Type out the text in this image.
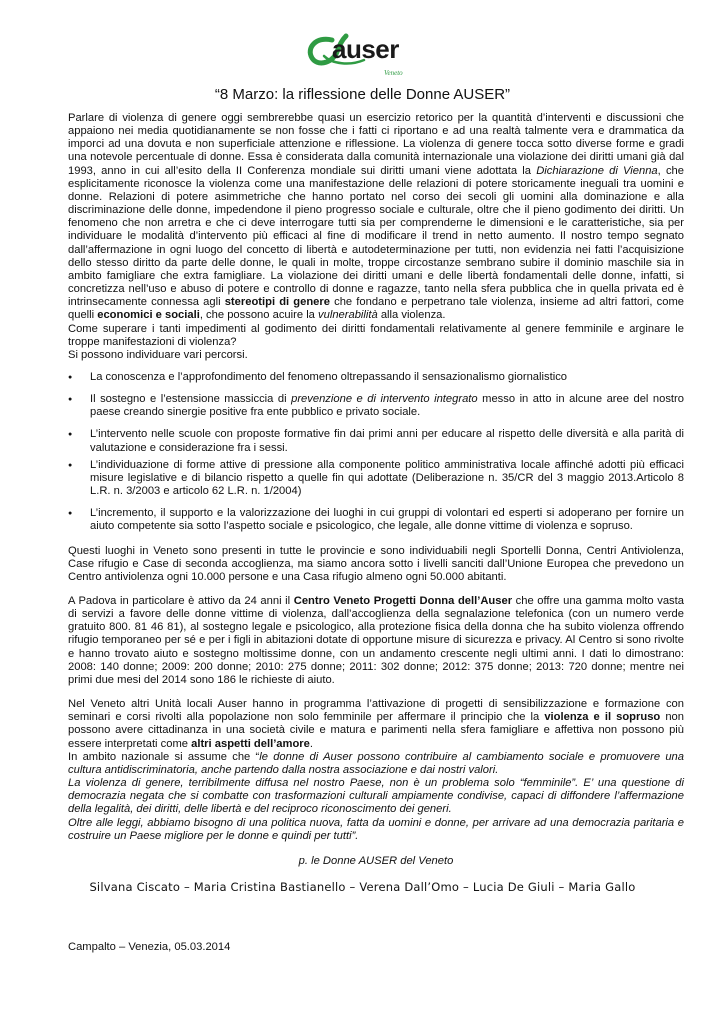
auser
Veneto
“8 Marzo: la riflessione delle Donne AUSER”

Parlare di violenza di genere oggi sembrerebbe quasi un esercizio retorico per la quantità d’interventi e discussioni che appaiono nei media quotidianamente se non fosse che i fatti ci riportano e ad una realtà talmente vera e drammatica da imporci ad una dovuta e non superficiale attenzione e riflessione. La violenza di genere tocca sotto diverse forme e gradi una notevole percentuale di donne. Essa è considerata dalla comunità internazionale una violazione dei diritti umani già dal 1993, anno in cui all’esito della II Conferenza mondiale sui diritti umani viene adottata la Dichiarazione di Vienna, che esplicitamente riconosce la violenza come una manifestazione delle relazioni di potere storicamente ineguali tra uomini e donne. Relazioni di potere asimmetriche che hanno portato nel corso dei secoli gli uomini alla dominazione e alla discriminazione delle donne, impedendone il pieno progresso sociale e culturale, oltre che il pieno godimento dei diritti. Un fenomeno che non arretra e che ci deve interrogare tutti sia per comprenderne le dimensioni e le caratteristiche, sia per individuare le modalità d’intervento più efficaci al fine di modificare il trend in netto aumento. Il nostro tempo segnato dall’affermazione in ogni luogo del concetto di libertà e autodeterminazione per tutti, non evidenzia nei fatti l’acquisizione dello stesso diritto da parte delle donne, le quali in molte, troppe circostanze sembrano subire il dominio maschile sia in ambito famigliare che extra famigliare. La violazione dei diritti umani e delle libertà fondamentali delle donne, infatti, si concretizza nell’uso e abuso di potere e controllo di donne e ragazze, tanto nella sfera pubblica che in quella privata ed è intrinsecamente connessa agli stereotipi di genere che fondano e perpetrano tale violenza, insieme ad altri fattori, come quelli economici e sociali, che possono acuire la vulnerabilità alla violenza.

Come superare i tanti impedimenti al godimento dei diritti fondamentali relativamente al genere femminile e arginare le troppe manifestazioni di violenza?

Si possono individuare vari percorsi.

● La conoscenza e l’approfondimento del fenomeno oltrepassando il sensazionalismo giornalistico
● Il sostegno e l’estensione massiccia di prevenzione e di intervento integrato messo in atto in alcune aree del nostro paese creando sinergie positive fra ente pubblico e privato sociale.
● L’intervento nelle scuole con proposte formative fin dai primi anni per educare al rispetto delle diversità e alla parità di valutazione e considerazione fra i sessi.
● L’individuazione di forme attive di pressione alla componente politico amministrativa locale affinché adotti più efficaci misure legislative e di bilancio rispetto a quelle fin qui adottate (Deliberazione n. 35/CR del 3 maggio 2013.Articolo 8 L.R. n. 3/2003 e articolo 62 L.R. n. 1/2004)
● L’incremento, il supporto e la valorizzazione dei luoghi in cui gruppi di volontari ed esperti si adoperano per fornire un aiuto competente sia sotto l’aspetto sociale e psicologico, che legale, alle donne vittime di violenza e sopruso.

Questi luoghi in Veneto sono presenti in tutte le provincie e sono individuabili negli Sportelli Donna, Centri Antiviolenza, Case rifugio e Case di seconda accoglienza, ma siamo ancora sotto i livelli sanciti dall’Unione Europea che prevedono un Centro antiviolenza ogni 10.000 persone e una Casa rifugio almeno ogni 50.000 abitanti.

A Padova in particolare è attivo da 24 anni il Centro Veneto Progetti Donna dell’Auser che offre una gamma molto vasta di servizi a favore delle donne vittime di violenza, dall’accoglienza della segnalazione telefonica (con un numero verde gratuito 800. 81 46 81), al sostegno legale e psicologico, alla protezione fisica della donna che ha subito violenza offrendo rifugio temporaneo per sé e per i figli in abitazioni dotate di opportune misure di sicurezza e privacy. Al Centro si sono rivolte e hanno trovato aiuto e sostegno moltissime donne, con un andamento crescente negli ultimi anni. I dati lo dimostrano: 2008: 140 donne; 2009: 200 donne; 2010: 275 donne; 2011: 302 donne; 2012: 375 donne; 2013: 720 donne; mentre nei primi due mesi del 2014 sono 186 le richieste di aiuto.

Nel Veneto altri Unità locali Auser hanno in programma l’attivazione di progetti di sensibilizzazione e formazione con seminari e corsi rivolti alla popolazione non solo femminile per affermare il principio che la violenza e il sopruso non possono avere cittadinanza in una società civile e matura e parimenti nella sfera famigliare e affettiva non possono più essere interpretati come altri aspetti dell’amore.

In ambito nazionale si assume che “le donne di Auser possono contribuire al cambiamento sociale e promuovere una cultura antidiscriminatoria, anche partendo dalla nostra associazione e dai nostri valori.

La violenza di genere, terribilmente diffusa nel nostro Paese, non è un problema solo “femminile”. E’ una questione di democrazia negata che si combatte con trasformazioni culturali ampiamente condivise, capaci di diffondere l’affermazione della legalità, dei diritti, delle libertà e del reciproco riconoscimento dei generi.

Oltre alle leggi, abbiamo bisogno di una politica nuova, fatta da uomini e donne, per arrivare ad una democrazia paritaria e costruire un Paese migliore per le donne e quindi per tutti”.

p. le Donne AUSER del Veneto
Silvana Ciscato – Maria Cristina Bastianello – Verena Dall’Omo – Lucia De Giuli – Maria Gallo
Campalto – Venezia, 05.03.2014
